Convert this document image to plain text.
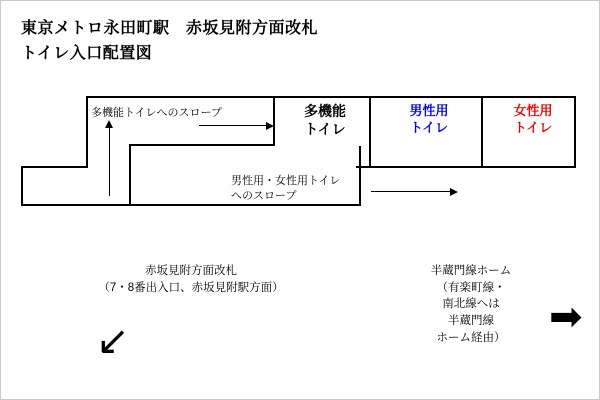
東京メトロ永田町駅　赤坂見附方面改札
トイレ入口配置図
多機能
トイレ
男性用
トイレ
女性用
トイレ
多機能トイレへのスロープ
男性用・女性用トイレ
へのスロープ
赤坂見附方面改札
（7・8番出入口、赤坂見附駅方面）
↙
半蔵門線ホーム
（有楽町線・
南北線へは
半蔵門線
ホーム経由）	➡
